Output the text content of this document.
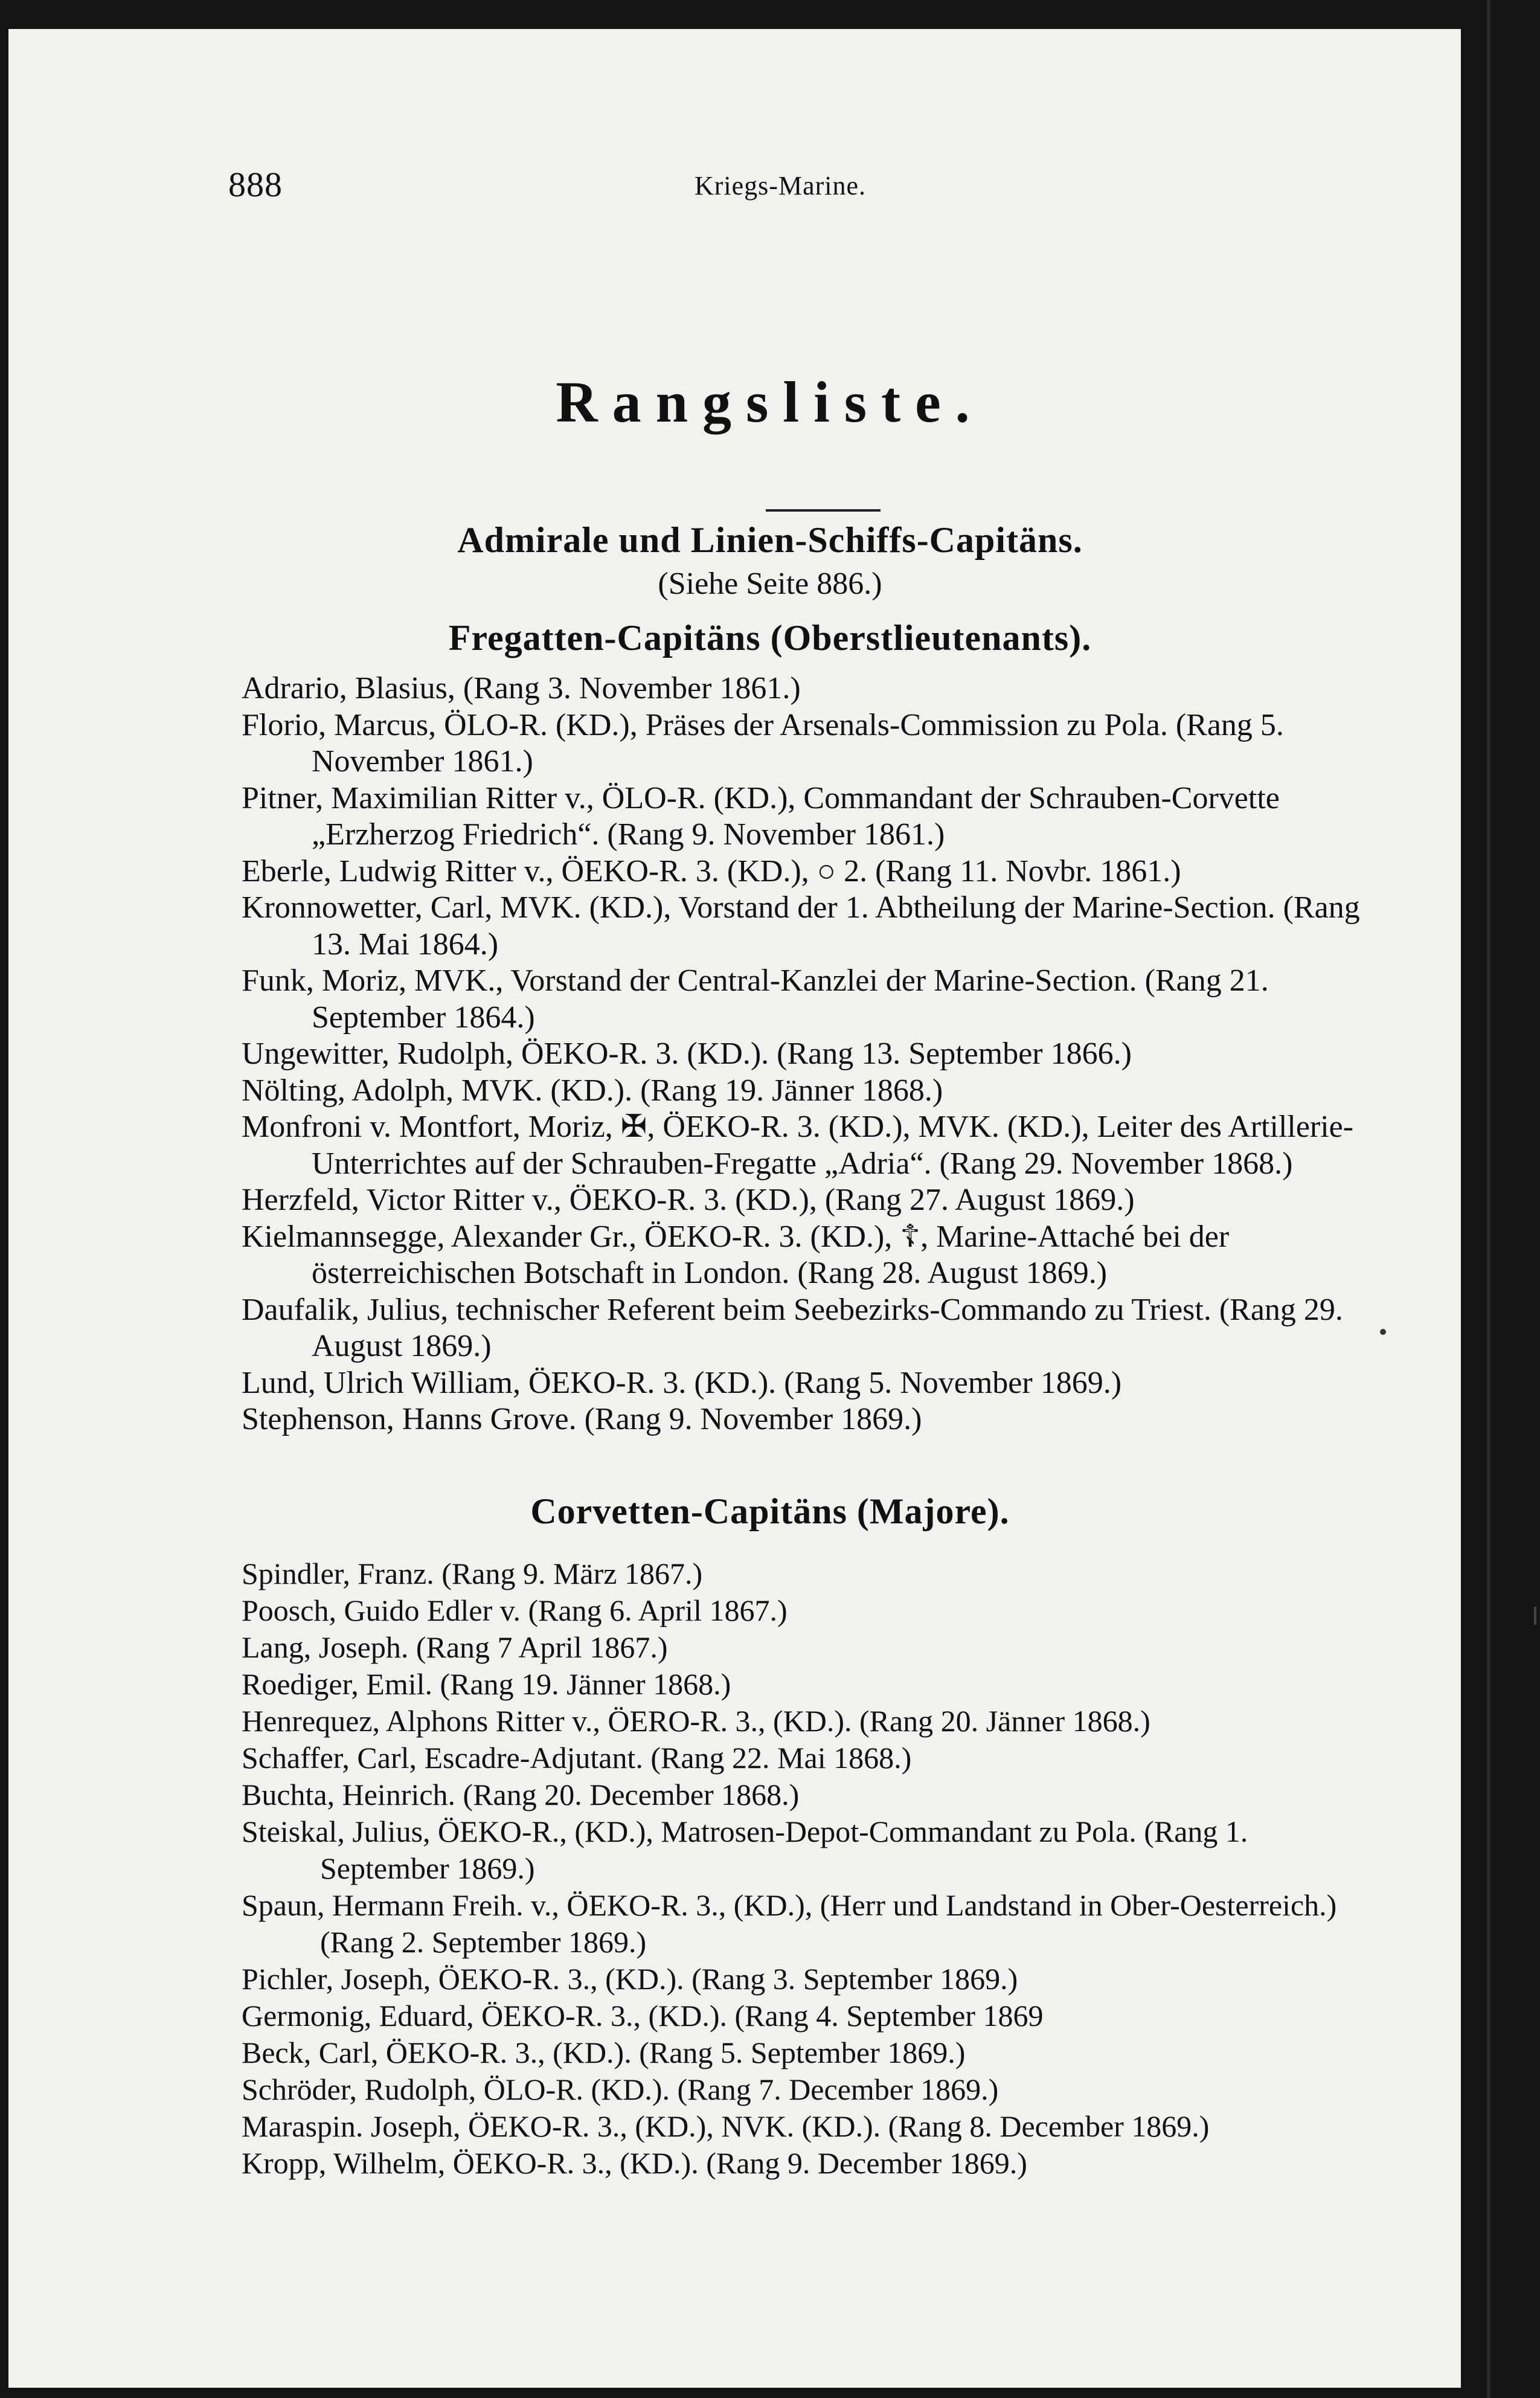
888	Kriegs-Marine.
Rangsliste.
Admirale und Linien-Schiffs-Capitäns.
(Siehe Seite 886.)
Fregatten-Capitäns (Oberstlieutenants).

Adrario, Blasius, (Rang 3. November 1861.)

Florio, Marcus, ÖLO-R. (KD.), Präses der Arsenals-Commission zu Pola. (Rang 5. November 1861.)

Pitner, Maximilian Ritter v., ÖLO-R. (KD.), Commandant der Schrauben-Corvette „Erzherzog Friedrich“. (Rang 9. November 1861.)

Eberle, Ludwig Ritter v., ÖEKO-R. 3. (KD.), ○ 2. (Rang 11. Novbr. 1861.)

Kronnowetter, Carl, MVK. (KD.), Vorstand der 1. Abtheilung der Marine-Section. (Rang 13. Mai 1864.)

Funk, Moriz, MVK., Vorstand der Central-Kanzlei der Marine-Section. (Rang 21. September 1864.)

Ungewitter, Rudolph, ÖEKO-R. 3. (KD.). (Rang 13. September 1866.)

Nölting, Adolph, MVK. (KD.). (Rang 19. Jänner 1868.)

Monfroni v. Montfort, Moriz, ✠, ÖEKO-R. 3. (KD.), MVK. (KD.), Leiter des Artillerie-Unterrichtes auf der Schrauben-Fregatte „Adria“. (Rang 29. November 1868.)

Herzfeld, Victor Ritter v., ÖEKO-R. 3. (KD.), (Rang 27. August 1869.)

Kielmannsegge, Alexander Gr., ÖEKO-R. 3. (KD.), ☦, Marine-Attaché bei der österreichischen Botschaft in London. (Rang 28. August 1869.)

Daufalik, Julius, technischer Referent beim Seebezirks-Commando zu Triest. (Rang 29. August 1869.)

Lund, Ulrich William, ÖEKO-R. 3. (KD.). (Rang 5. November 1869.)

Stephenson, Hanns Grove. (Rang 9. November 1869.)

Corvetten-Capitäns (Majore).

Spindler, Franz. (Rang 9. März 1867.)

Poosch, Guido Edler v. (Rang 6. April 1867.)

Lang, Joseph. (Rang 7 April 1867.)

Roediger, Emil. (Rang 19. Jänner 1868.)

Henrequez, Alphons Ritter v., ÖERO-R. 3., (KD.). (Rang 20. Jänner 1868.)

Schaffer, Carl, Escadre-Adjutant. (Rang 22. Mai 1868.)

Buchta, Heinrich. (Rang 20. December 1868.)

Steiskal, Julius, ÖEKO-R., (KD.), Matrosen-Depot-Commandant zu Pola. (Rang 1. September 1869.)

Spaun, Hermann Freih. v., ÖEKO-R. 3., (KD.), (Herr und Landstand in Ober-Oesterreich.) (Rang 2. September 1869.)

Pichler, Joseph, ÖEKO-R. 3., (KD.). (Rang 3. September 1869.)

Germonig, Eduard, ÖEKO-R. 3., (KD.). (Rang 4. September 1869

Beck, Carl, ÖEKO-R. 3., (KD.). (Rang 5. September 1869.)

Schröder, Rudolph, ÖLO-R. (KD.). (Rang 7. December 1869.)

Maraspin. Joseph, ÖEKO-R. 3., (KD.), NVK. (KD.). (Rang 8. December 1869.)

Kropp, Wilhelm, ÖEKO-R. 3., (KD.). (Rang 9. December 1869.)
